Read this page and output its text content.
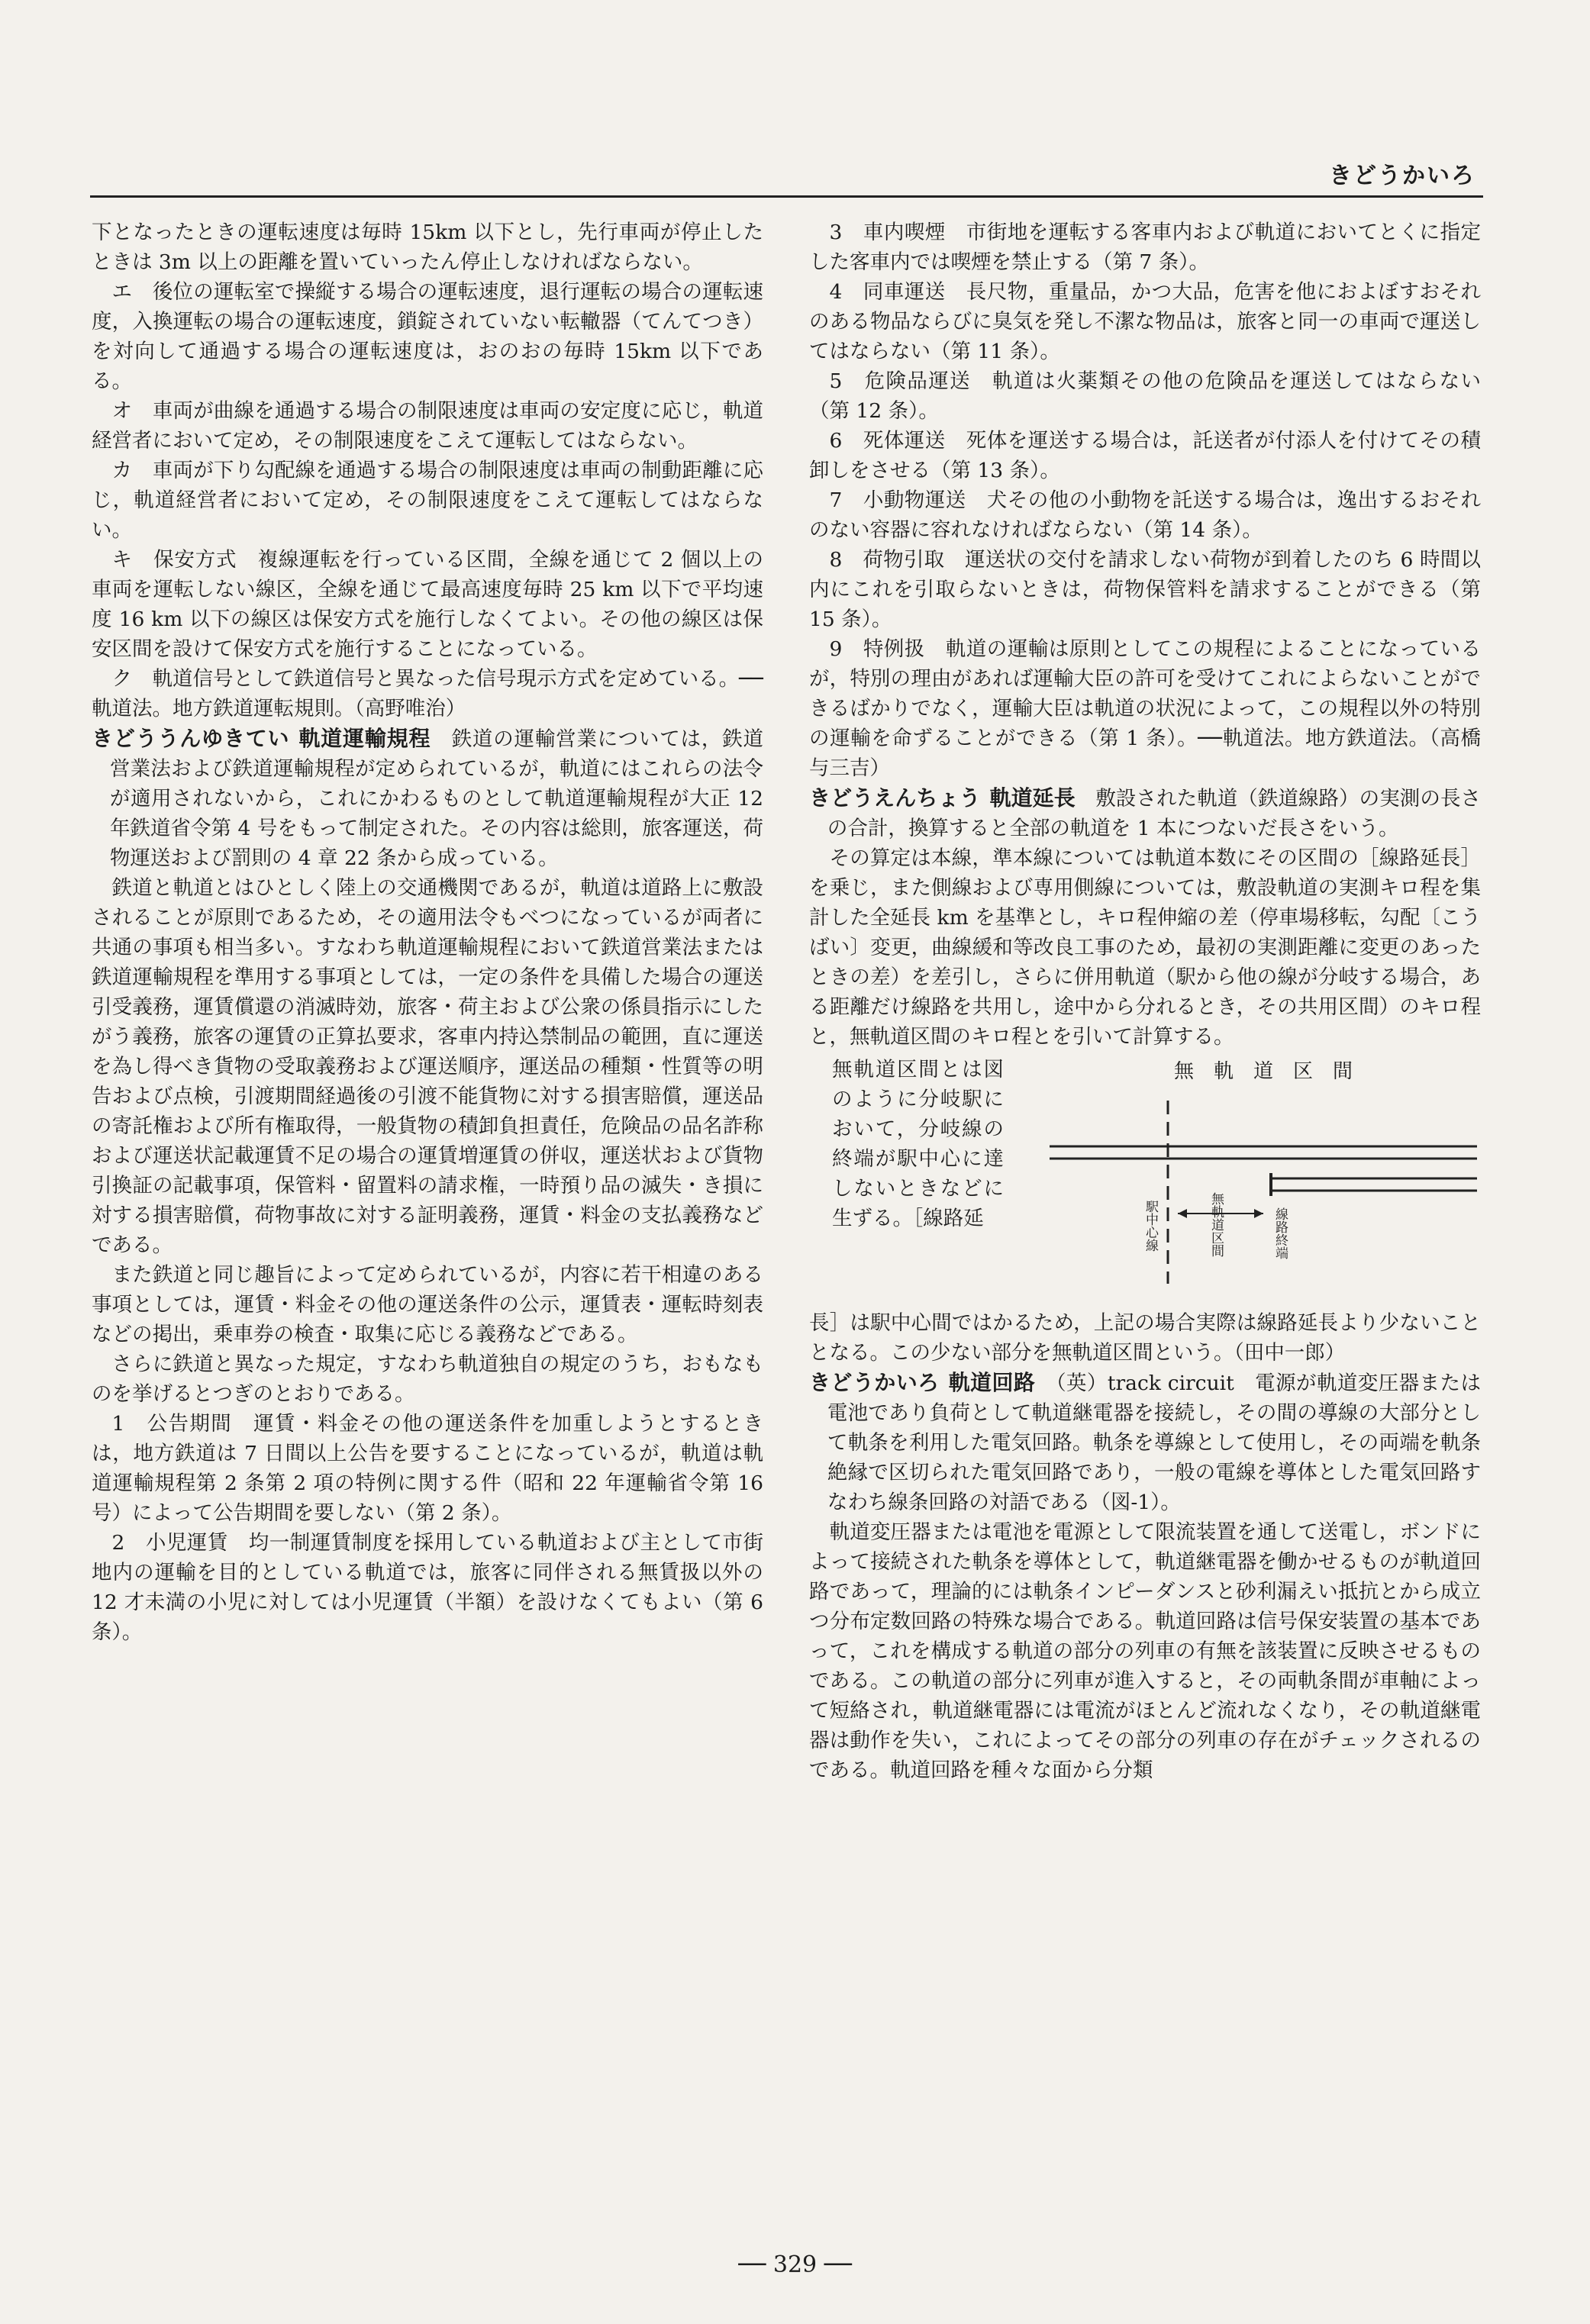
きどうかいろ

下となったときの運転速度は毎時 15km 以下とし，先行車両が停止したときは 3m 以上の距離を置いていったん停止しなければならない。

エ　後位の運転室で操縦する場合の運転速度，退行運転の場合の運転速度，入換運転の場合の運転速度，鎖錠されていない転轍器（てんてつき）を対向して通過する場合の運転速度は，おのおの毎時 15km 以下である。

オ　車両が曲線を通過する場合の制限速度は車両の安定度に応じ，軌道経営者において定め，その制限速度をこえて運転してはならない。

カ　車両が下り勾配線を通過する場合の制限速度は車両の制動距離に応じ，軌道経営者において定め，その制限速度をこえて運転してはならない。

キ　保安方式　複線運転を行っている区間，全線を通じて 2 個以上の車両を運転しない線区，全線を通じて最高速度毎時 25 km 以下で平均速度 16 km 以下の線区は保安方式を施行しなくてよい。その他の線区は保安区間を設けて保安方式を施行することになっている。

ク　軌道信号として鉄道信号と異なった信号現示方式を定めている。──軌道法。地方鉄道運転規則。（高野唯治）

きどううんゆきてい 軌道運輸規程　 鉄道の運輸営業については，鉄道営業法および鉄道運輸規程が定められているが，軌道にはこれらの法令が適用されないから，これにかわるものとして軌道運輸規程が大正 12 年鉄道省令第 4 号をもって制定された。その内容は総則，旅客運送，荷物運送および罰則の 4 章 22 条から成っている。

鉄道と軌道とはひとしく陸上の交通機関であるが，軌道は道路上に敷設されることが原則であるため，その適用法令もべつになっているが両者に共通の事項も相当多い。すなわち軌道運輸規程において鉄道営業法または鉄道運輸規程を準用する事項としては，一定の条件を具備した場合の運送引受義務，運賃償還の消滅時効，旅客・荷主および公衆の係員指示にしたがう義務，旅客の運賃の正算払要求，客車内持込禁制品の範囲，直に運送を為し得べき貨物の受取義務および運送順序，運送品の種類・性質等の明告および点検，引渡期間経過後の引渡不能貨物に対する損害賠償，運送品の寄託権および所有権取得，一般貨物の積卸負担責任，危険品の品名詐称および運送状記載運賃不足の場合の運賃増運賃の併収，運送状および貨物引換証の記載事項，保管料・留置料の請求権，一時預り品の滅失・き損に対する損害賠償，荷物事故に対する証明義務，運賃・料金の支払義務などである。

また鉄道と同じ趣旨によって定められているが，内容に若干相違のある事項としては，運賃・料金その他の運送条件の公示，運賃表・運転時刻表などの掲出，乗車券の検査・取集に応じる義務などである。

さらに鉄道と異なった規定，すなわち軌道独自の規定のうち，おもなものを挙げるとつぎのとおりである。

1　公告期間　運賃・料金その他の運送条件を加重しようとするときは，地方鉄道は 7 日間以上公告を要することになっているが，軌道は軌道運輸規程第 2 条第 2 項の特例に関する件（昭和 22 年運輸省令第 16 号）によって公告期間を要しない（第 2 条）。

2　小児運賃　均一制運賃制度を採用している軌道および主として市街地内の運輸を目的としている軌道では，旅客に同伴される無賃扱以外の 12 才未満の小児に対しては小児運賃（半額）を設けなくてもよい（第 6 条）。

3　車内喫煙　市街地を運転する客車内および軌道においてとくに指定した客車内では喫煙を禁止する（第 7 条）。

4　同車運送　長尺物，重量品，かつ大品，危害を他におよぼすおそれのある物品ならびに臭気を発し不潔な物品は，旅客と同一の車両で運送してはならない（第 11 条）。

5　危険品運送　軌道は火薬類その他の危険品を運送してはならない（第 12 条）。

6　死体運送　死体を運送する場合は，託送者が付添人を付けてその積卸しをさせる（第 13 条）。

7　小動物運送　犬その他の小動物を託送する場合は，逸出するおそれのない容器に容れなければならない（第 14 条）。

8　荷物引取　運送状の交付を請求しない荷物が到着したのち 6 時間以内にこれを引取らないときは，荷物保管料を請求することができる（第 15 条）。

9　特例扱　軌道の運輸は原則としてこの規程によることになっているが，特別の理由があれば運輸大臣の許可を受けてこれによらないことができるばかりでなく，運輸大臣は軌道の状況によって，この規程以外の特別の運輸を命ずることができる（第 1 条）。──軌道法。地方鉄道法。（高橋与三吉）

きどうえんちょう 軌道延長　 敷設された軌道（鉄道線路）の実測の長さの合計，換算すると全部の軌道を 1 本につないだ長さをいう。

その算定は本線，準本線については軌道本数にその区間の［線路延長］を乗じ，また側線および専用側線については，敷設軌道の実測キロ程を集計した全延長 km を基準とし，キロ程伸縮の差（停車場移転，勾配〔こうばい〕変更，曲線緩和等改良工事のため，最初の実測距離に変更のあったときの差）を差引し，さらに併用軌道（駅から他の線が分岐する場合，ある距離だけ線路を共用し，途中から分れるとき，その共用区間）のキロ程と，無軌道区間のキロ程とを引いて計算する。

無軌道区間とは図のように分岐駅において，分岐線の終端が駅中心に達しないときなどに生ずる。［線路延
無　軌　道　区　間
駅中心線	無軌道区間	線路終端

長］は駅中心間ではかるため，上記の場合実際は線路延長より少ないこととなる。この少ない部分を無軌道区間という。（田中一郎）

きどうかいろ 軌道回路　 （英）track circuit　電源が軌道変圧器または電池であり負荷として軌道継電器を接続し，その間の導線の大部分として軌条を利用した電気回路。軌条を導線として使用し，その両端を軌条絶縁で区切られた電気回路であり，一般の電線を導体とした電気回路すなわち線条回路の対語である（図-1）。

軌道変圧器または電池を電源として限流装置を通して送電し，ボンドによって接続された軌条を導体として，軌道継電器を働かせるものが軌道回路であって，理論的には軌条インピーダンスと砂利漏えい抵抗とから成立つ分布定数回路の特殊な場合である。軌道回路は信号保安装置の基本であって，これを構成する軌道の部分の列車の有無を該装置に反映させるものである。この軌道の部分に列車が進入すると，その両軌条間が車軸によって短絡され，軌道継電器には電流がほとんど流れなくなり，その軌道継電器は動作を失い，これによってその部分の列車の存在がチェックされるのである。軌道回路を種々な面から分類

── 329 ──
